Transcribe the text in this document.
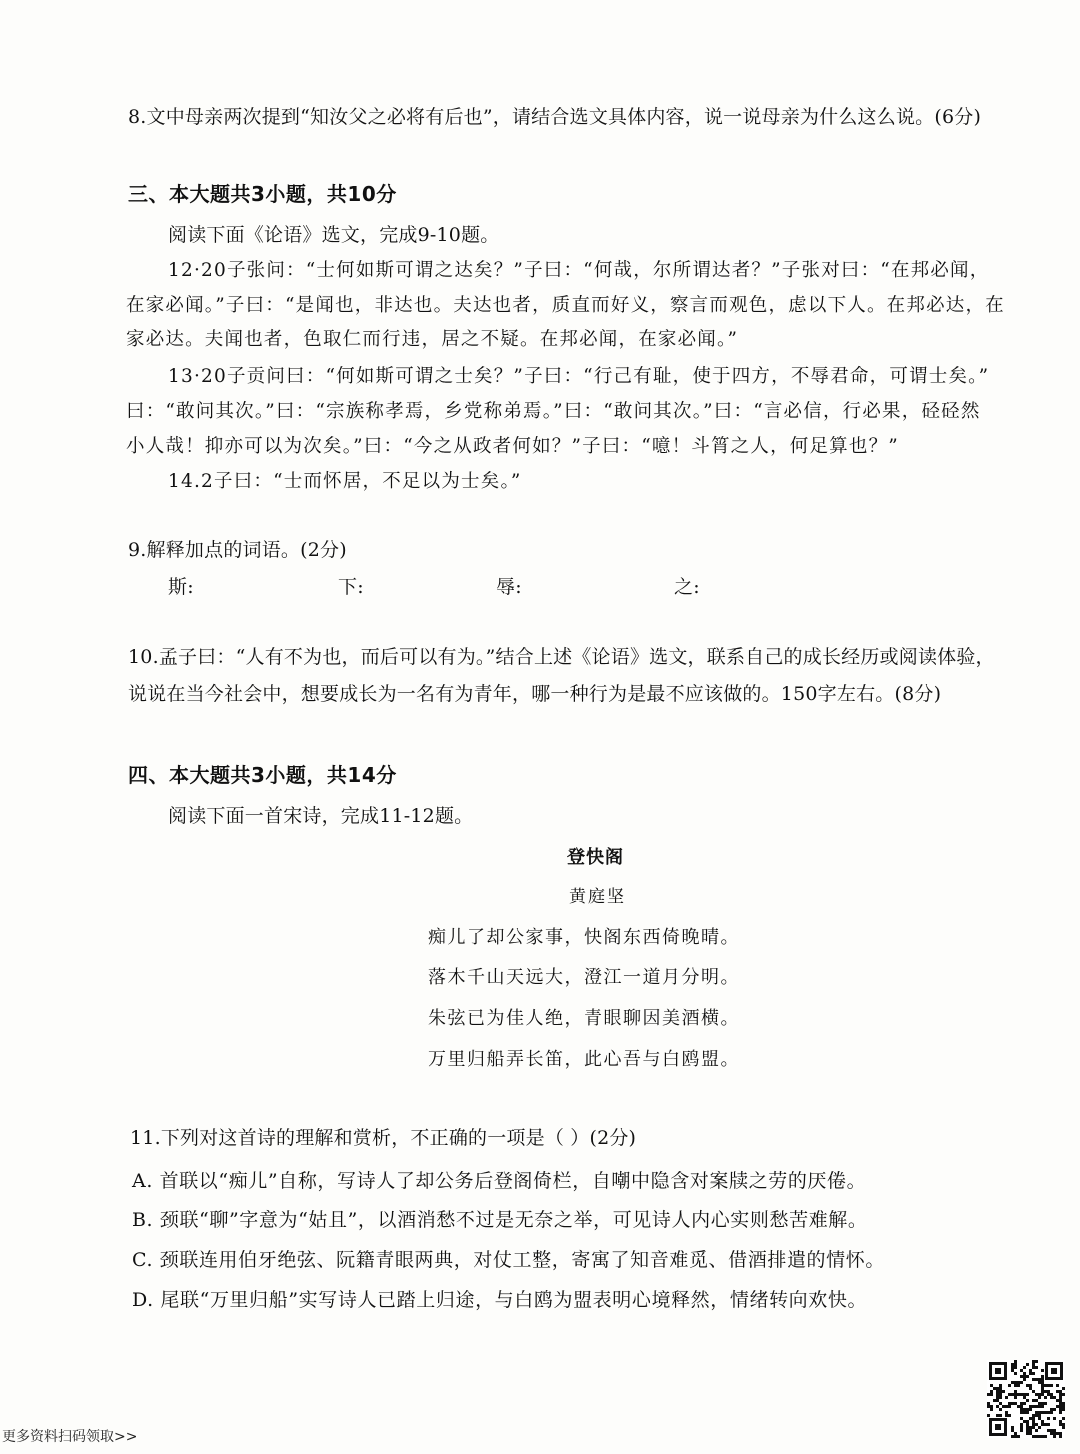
8.文中母亲两次提到“知汝父之必将有后也”，请结合选文具体内容，说一说母亲为什么这么说。(6分)
三、本大题共3小题，共10分
阅读下面《论语》选文，完成9-10题。
12·20子张问：“士何如斯可谓之达矣？”子曰：“何哉，尔所谓达者？”子张对曰：“在邦必闻，
在家必闻。”子曰：“是闻也，非达也。夫达也者，质直而好义，察言而观色，虑以下人。在邦必达，在
家必达。夫闻也者，色取仁而行违，居之不疑。在邦必闻，在家必闻。”
13·20子贡问曰：“何如斯可谓之士矣？”子曰：“行己有耻，使于四方，不辱君命，可谓士矣。”
曰：“敢问其次。”曰：“宗族称孝焉，乡党称弟焉。”曰：“敢问其次。”曰：“言必信，行必果，硁硁然
小人哉！抑亦可以为次矣。”曰：“今之从政者何如？”子曰：“噫！斗筲之人，何足算也？”
14.2子曰：“士而怀居，不足以为士矣。”
9.解释加点的词语。(2分)
斯:	下:	辱:	之:
10.孟子曰：“人有不为也，而后可以有为。”结合上述《论语》选文，联系自己的成长经历或阅读体验，
说说在当今社会中，想要成长为一名有为青年，哪一种行为是最不应该做的。150字左右。(8分)
四、本大题共3小题，共14分
阅读下面一首宋诗，完成11-12题。
登快阁
黄庭坚
痴儿了却公家事，快阁东西倚晚晴。
落木千山天远大，澄江一道月分明。
朱弦已为佳人绝，青眼聊因美酒横。
万里归船弄长笛，此心吾与白鸥盟。
11.下列对这首诗的理解和赏析，不正确的一项是（ ）(2分)
A. 首联以“痴儿”自称，写诗人了却公务后登阁倚栏，自嘲中隐含对案牍之劳的厌倦。
B. 颈联“聊”字意为“姑且”，以酒消愁不过是无奈之举，可见诗人内心实则愁苦难解。
C. 颈联连用伯牙绝弦、阮籍青眼两典，对仗工整，寄寓了知音难觅、借酒排遣的情怀。
D. 尾联“万里归船”实写诗人已踏上归途，与白鸥为盟表明心境释然，情绪转向欢快。
更多资料扫码领取>>
